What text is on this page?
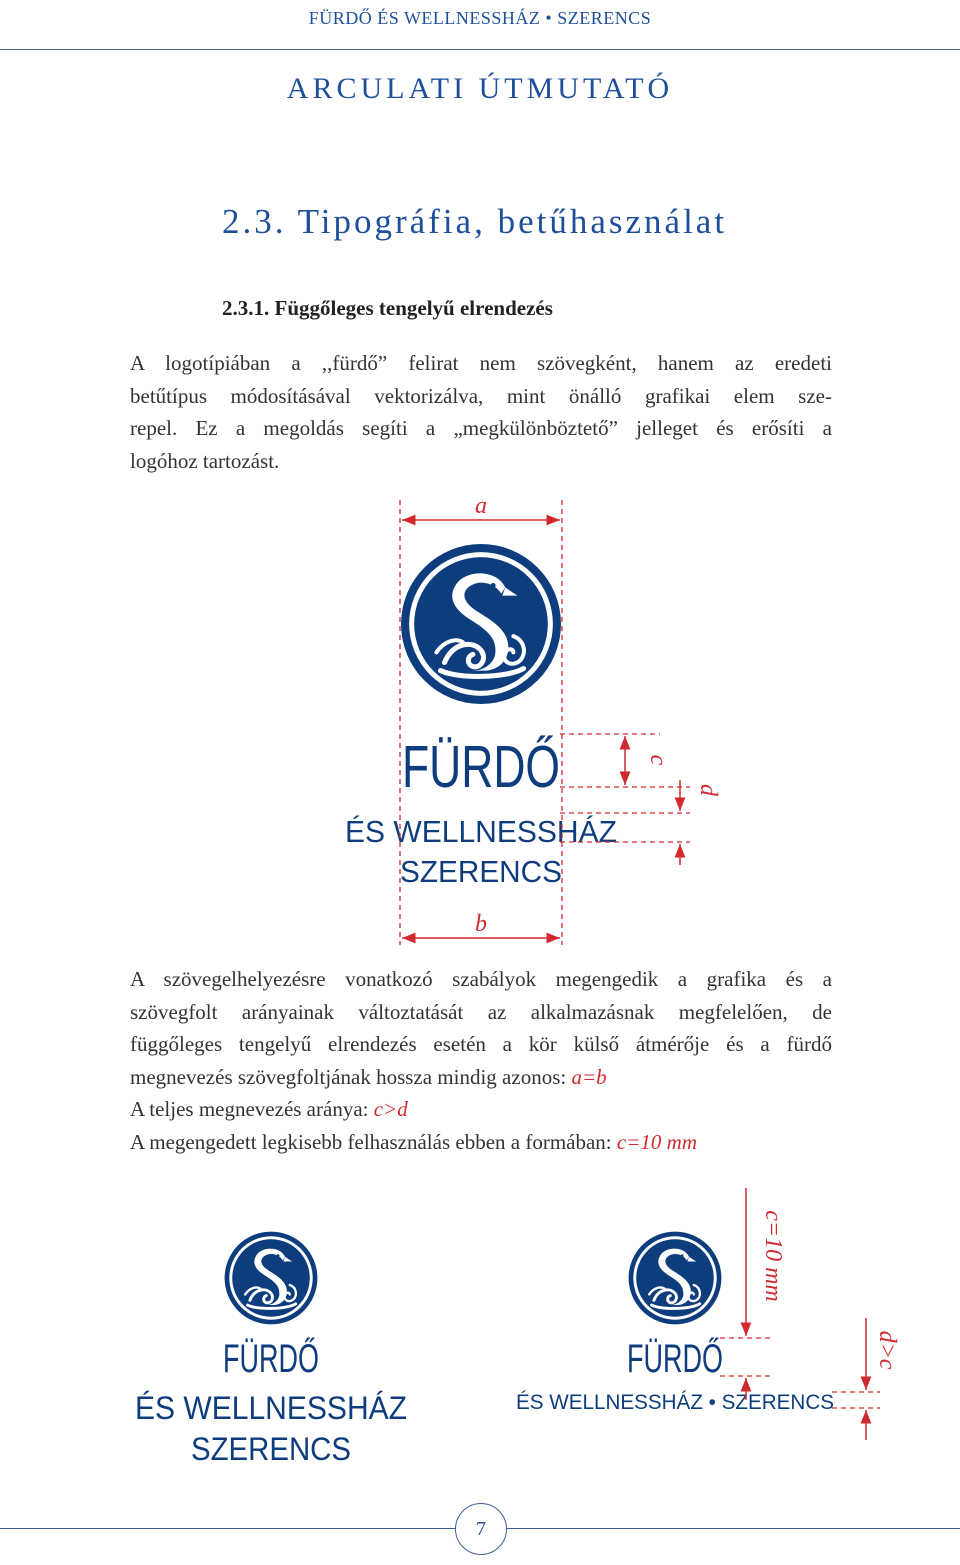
FÜRDŐ ÉS WELLNESSHÁZ • SZERENCS
ARCULATI ÚTMUTATÓ
2.3. Tipográfia, betűhasználat
2.3.1. Függőleges tengelyű elrendezés
A logotípiában a ,,fürdő” felirat nem szövegként, hanem az eredeti
betűtípus módosításával vektorizálva, mint önálló grafikai elem sze-
repel. Ez a megoldás segíti a „megkülönböztető” jelleget és erősíti a
logóhoz tartozást.
FÜRDŐ
ÉS WELLNESSHÁZ
SZERENCS
a
b
c
d
FÜRDŐ
ÉS WELLNESSHÁZ
SZERENCS
FÜRDŐ
ÉS WELLNESSHÁZ • SZERENCS
c=10 mm
d>c
A szövegelhelyezésre vonatkozó szabályok megengedik a grafika és a
szövegfolt arányainak változtatását az alkalmazásnak megfelelően, de
függőleges tengelyű elrendezés esetén a kör külső átmérője és a fürdő
megnevezés szövegfoltjának hossza mindig azonos: a=b
A teljes megnevezés aránya: c>d
A megengedett legkisebb felhasználás ebben a formában: c=10 mm
7
